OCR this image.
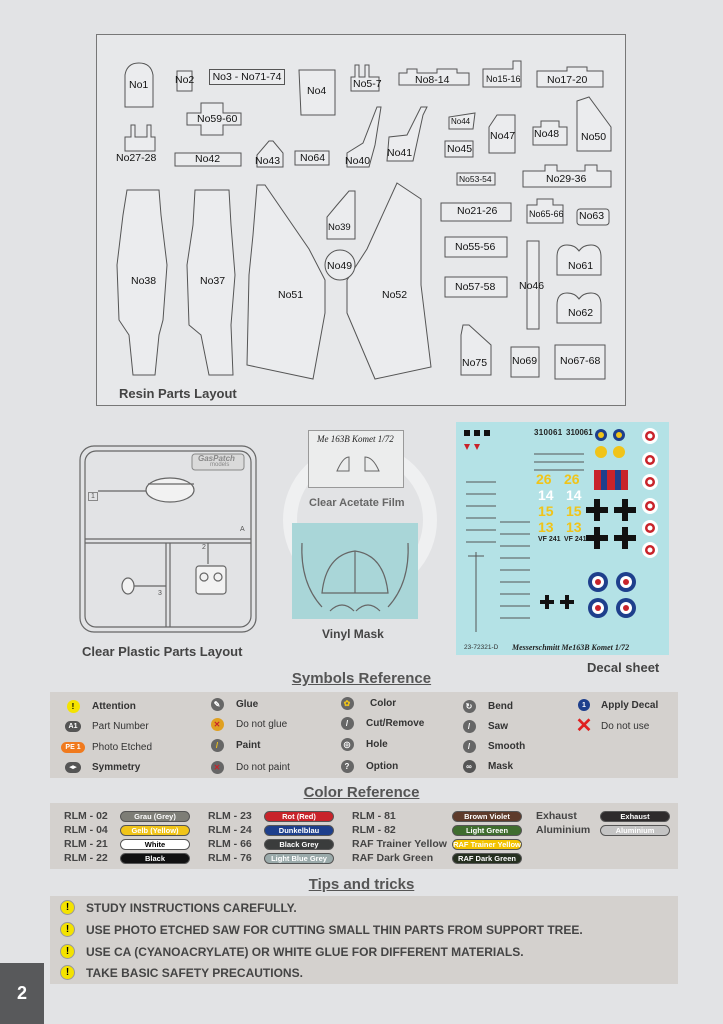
No1	No2	No3 - No71-74
No4
No5-7	No8-14	No15-16	No17-20
No59-60
No27-28	No42	No43 No64 No40
No41
No44
No45
No47 No48 No50
No53-54	No29-36
No39
No49
No21-26	No65-66 No63
No38	No37
No51	No52
No55-56
No46
No61
No57-58
No62
No75 No69 No67-68
Resin Parts Layout
GasPatch
models
1
2
3
A
Clear Plastic Parts Layout
Me 163B Komet 1/72
Clear Acetate Film
Vinyl Mask
310061 310061
26 26
14 14
15 15
13 13
VF 241 VF 241
23-72321-D Messerschmitt Me163B Komet 1/72
Decal sheet
Symbols Reference
!	Attention
A1	Part Number
PE 1	Photo Etched
◂▸	Symmetry
✎	Glue
✕	Do not glue
/	Paint
✕	Do not paint
✿	Color
/	Cut/Remove
◎	Hole
?	Option
↻	Bend
/	Saw
/	Smooth
∞	Mask
1	Apply Decal
✕ Do not use
Color Reference
RLM - 02	Grau (Grey)
RLM - 04	Gelb (Yellow)
RLM - 21	White
RLM - 22	Black
RLM - 23	Rot (Red)
RLM - 24	Dunkelblau
RLM - 66	Black Grey
RLM - 76	Light Blue Grey
RLM - 81	Brown Violet
RLM - 82	Light Green
RAF Trainer Yellow RAF Trainer Yellow
RAF Dark Green	RAF Dark Green
Exhaust	Exhaust
Aluminium	Aluminium
Tips and tricks
!	STUDY INSTRUCTIONS CAREFULLY.
!	USE PHOTO ETCHED SAW FOR CUTTING SMALL THIN PARTS FROM SUPPORT TREE.
!	USE CA (CYANOACRYLATE) OR WHITE GLUE FOR DIFFERENT MATERIALS.
!	TAKE BASIC SAFETY PRECAUTIONS.
2
